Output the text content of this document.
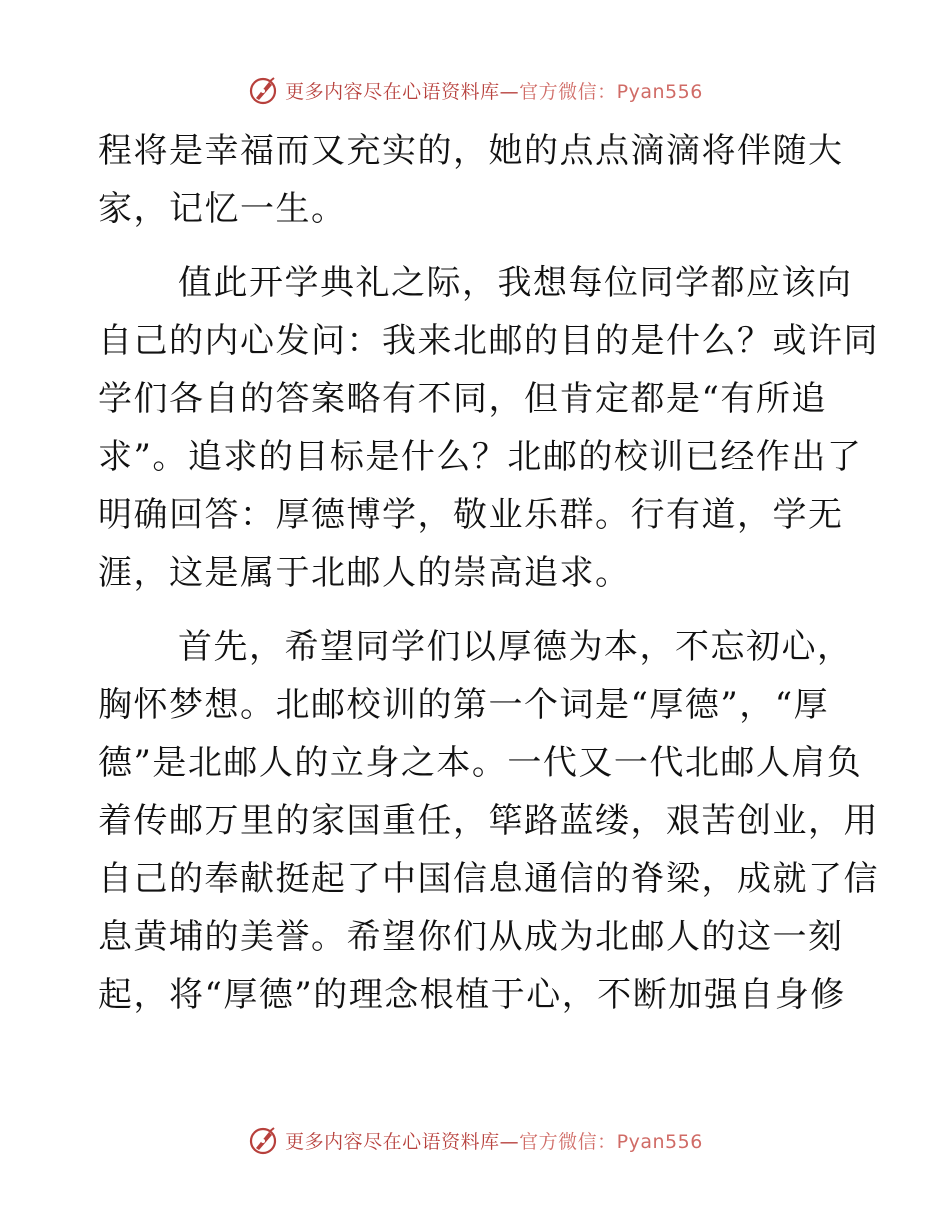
更多内容尽在心语资料库—官方微信：Pyan556

程将是幸福而又充实的，她的点点滴滴将伴随大
家，记忆一生。

值此开学典礼之际，我想每位同学都应该向
自己的内心发问：我来北邮的目的是什么？或许同
学们各自的答案略有不同，但肯定都是“有所追
求”。追求的目标是什么？北邮的校训已经作出了
明确回答：厚德博学，敬业乐群。行有道，学无
涯，这是属于北邮人的崇高追求。

首先，希望同学们以厚德为本，不忘初心，
胸怀梦想。北邮校训的第一个词是“厚德”，“厚
德”是北邮人的立身之本。一代又一代北邮人肩负
着传邮万里的家国重任，筚路蓝缕，艰苦创业，用
自己的奉献挺起了中国信息通信的脊梁，成就了信
息黄埔的美誉。希望你们从成为北邮人的这一刻
起，将“厚德”的理念根植于心，不断加强自身修

更多内容尽在心语资料库—官方微信：Pyan556
